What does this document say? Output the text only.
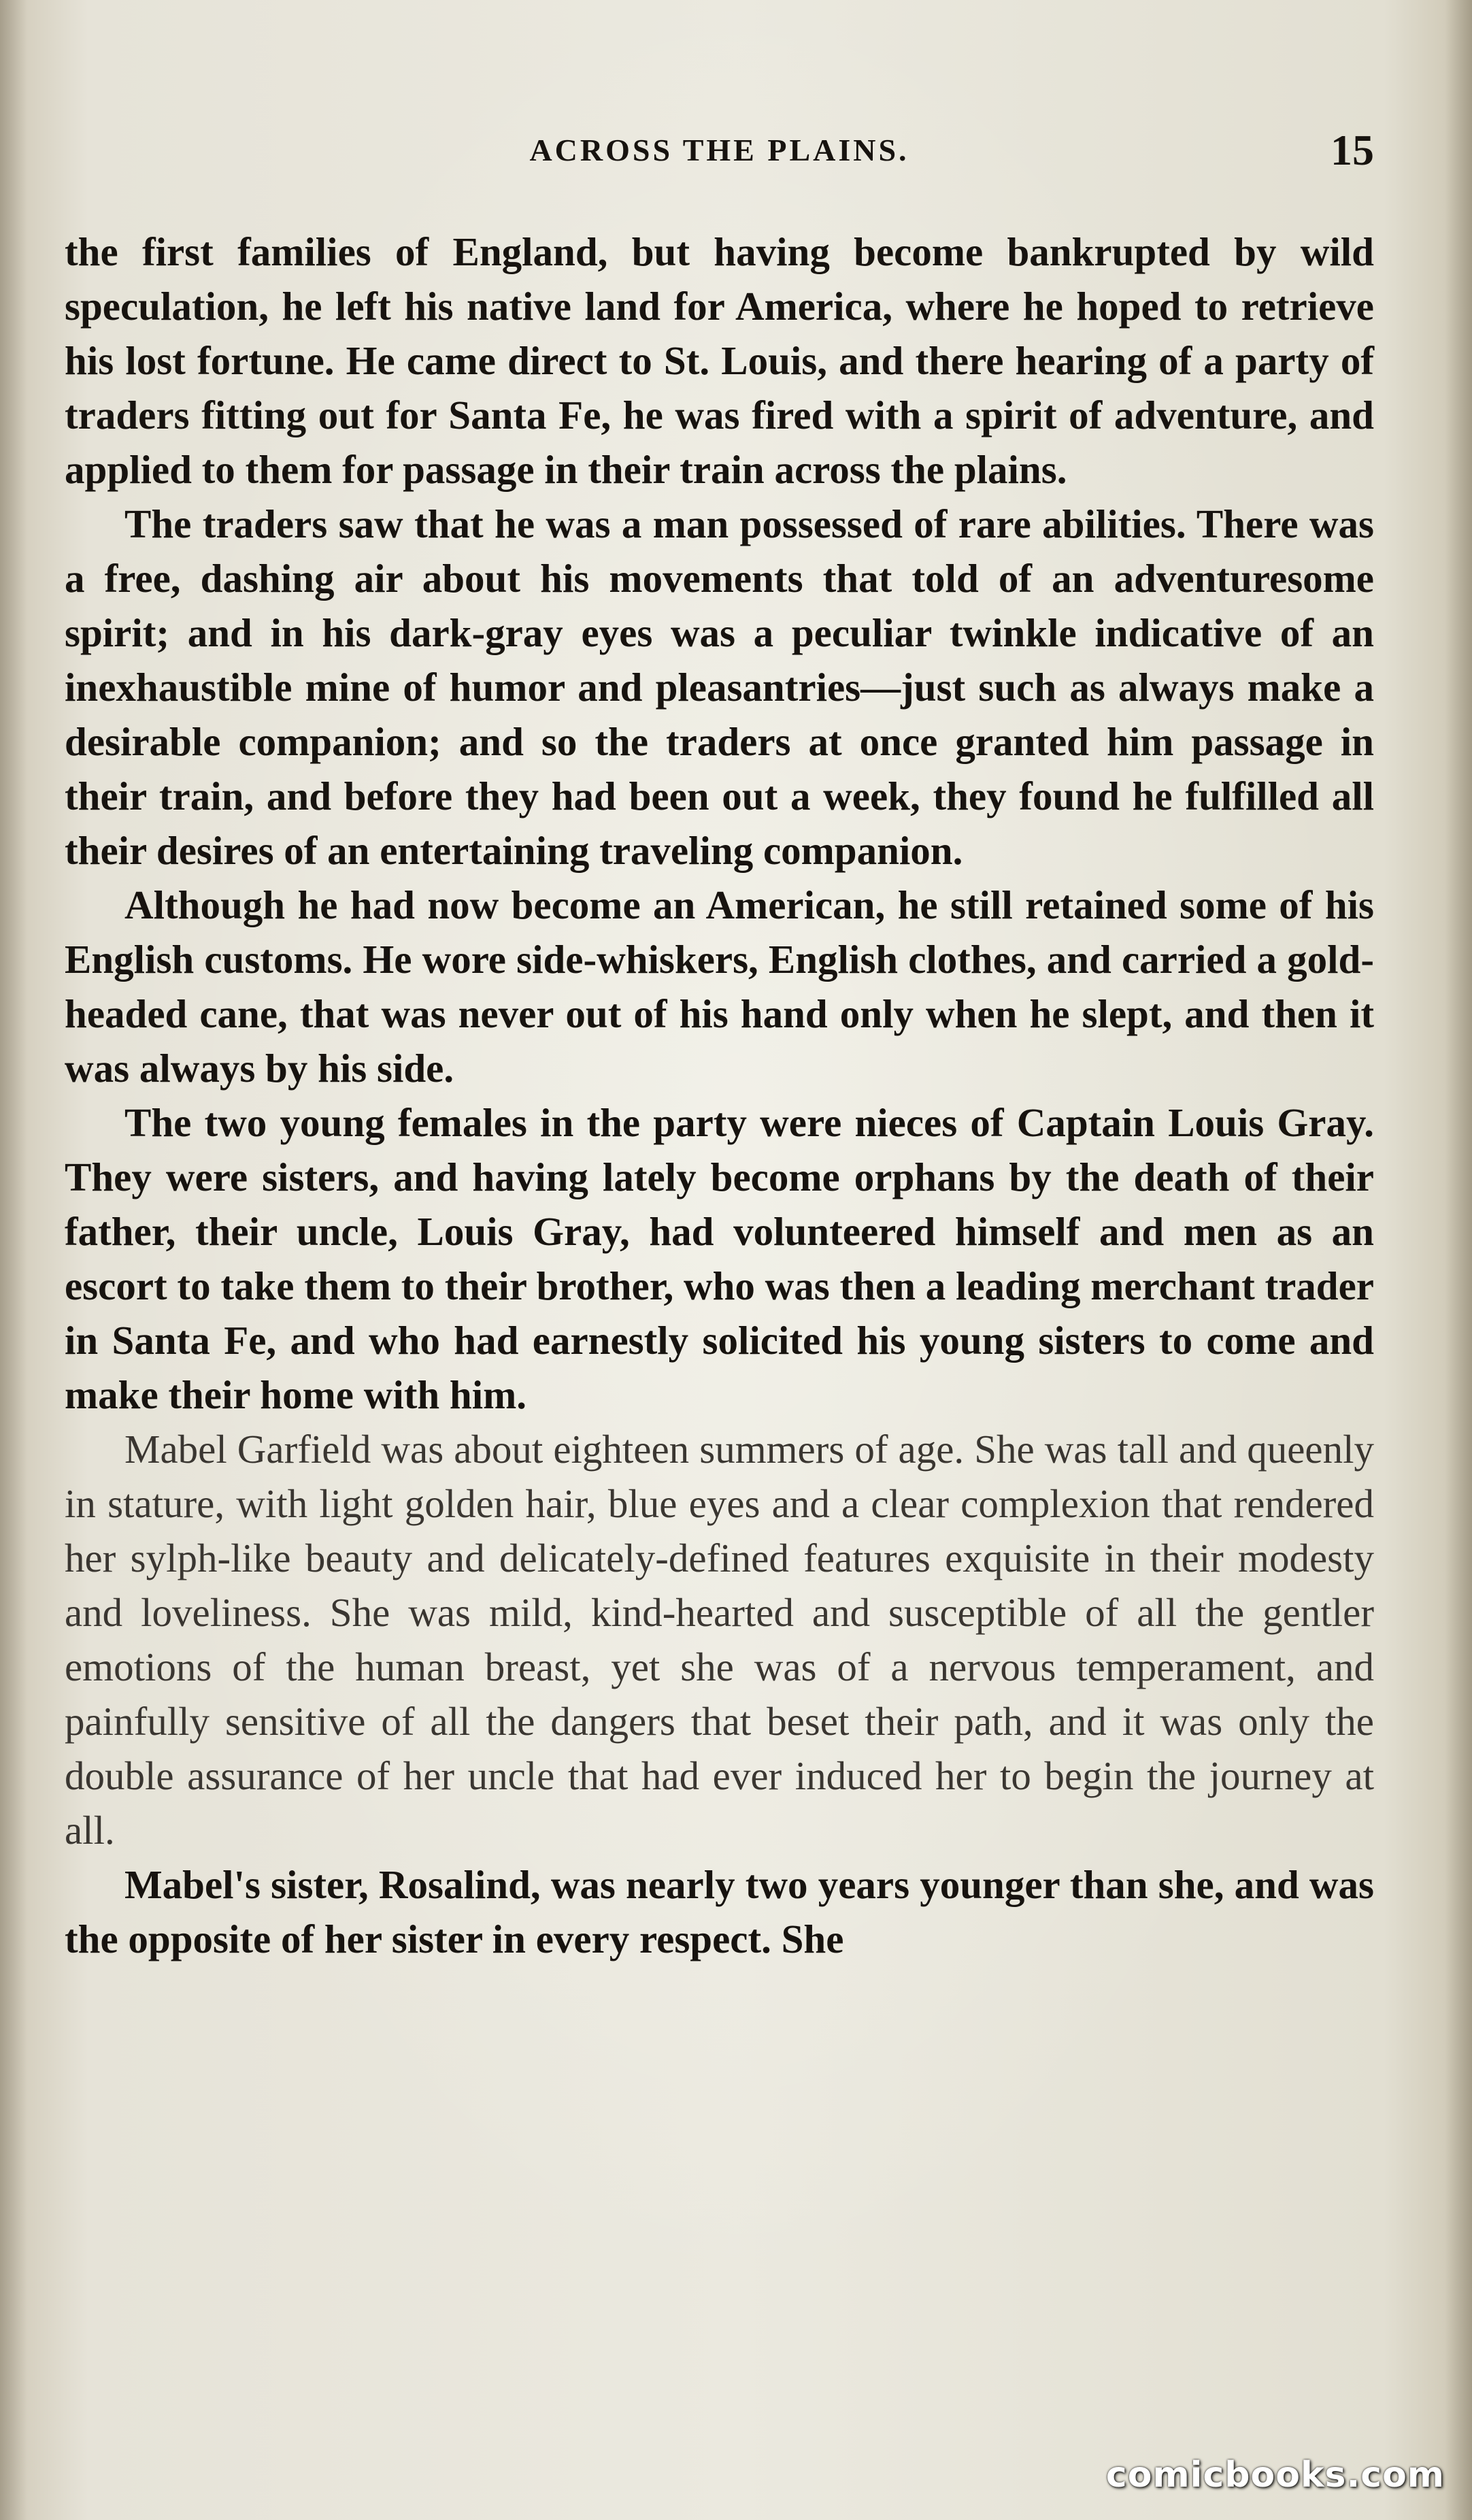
ACROSS THE PLAINS.	15

the first families of England, but having become bankrupted by wild speculation, he left his native land for America, where he hoped to retrieve his lost fortune. He came direct to St. Louis, and there hearing of a party of traders fitting out for Santa Fe, he was fired with a spirit of adventure, and applied to them for passage in their train across the plains.

The traders saw that he was a man possessed of rare abilities. There was a free, dashing air about his movements that told of an adventuresome spirit; and in his dark-gray eyes was a peculiar twinkle indicative of an inexhaustible mine of humor and pleasantries—just such as always make a desirable companion; and so the traders at once granted him passage in their train, and before they had been out a week, they found he fulfilled all their desires of an entertaining traveling companion.

Although he had now become an American, he still retained some of his English customs. He wore side-whiskers, English clothes, and carried a gold-headed cane, that was never out of his hand only when he slept, and then it was always by his side.

The two young females in the party were nieces of Captain Louis Gray. They were sisters, and having lately become orphans by the death of their father, their uncle, Louis Gray, had volunteered himself and men as an escort to take them to their brother, who was then a leading merchant trader in Santa Fe, and who had earnestly solicited his young sisters to come and make their home with him.

Mabel Garfield was about eighteen summers of age. She was tall and queenly in stature, with light golden hair, blue eyes and a clear complexion that rendered her sylph-like beauty and delicately-defined features exquisite in their modesty and loveliness. She was mild, kind-hearted and susceptible of all the gentler emotions of the human breast, yet she was of a nervous temperament, and painfully sensitive of all the dangers that beset their path, and it was only the double assurance of her uncle that had ever induced her to begin the journey at all.

Mabel's sister, Rosalind, was nearly two years younger than she, and was the opposite of her sister in every respect. She

comicbooks.com
